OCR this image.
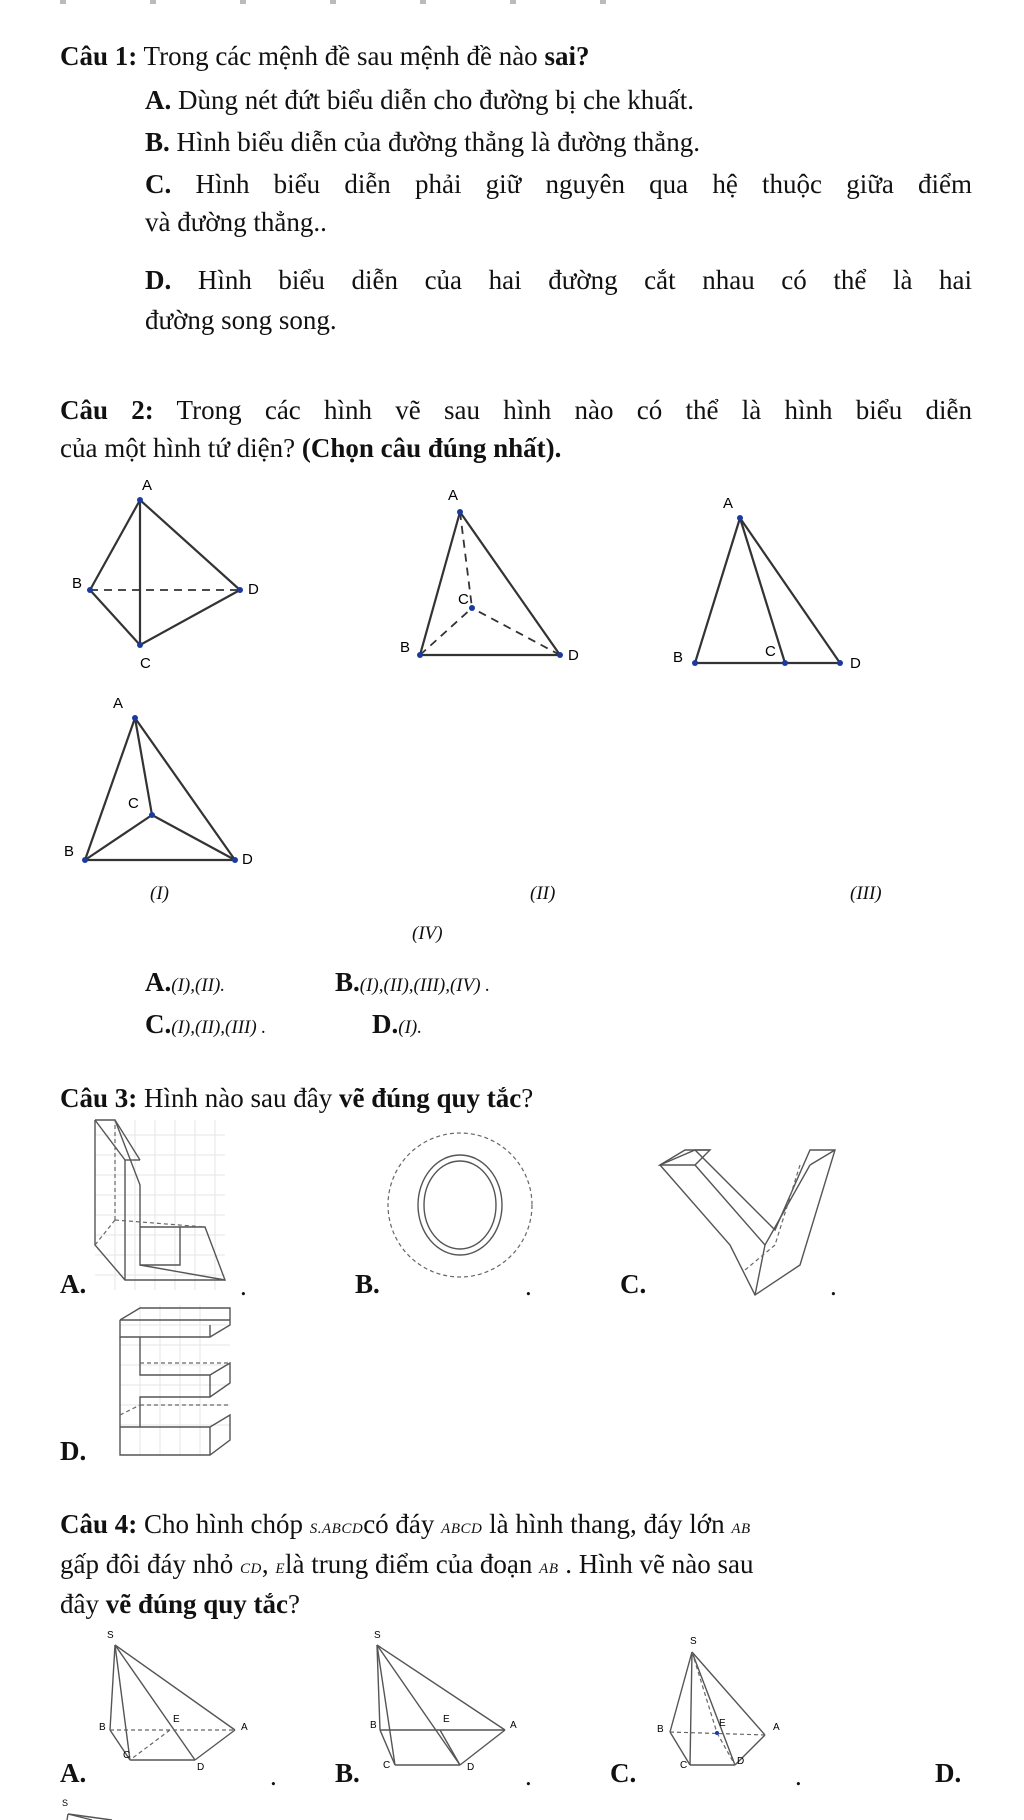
Câu 1: Trong các mệnh đề sau mệnh đề nào sai?
A. Dùng nét đứt biểu diễn cho đường bị che khuất.
B. Hình biểu diễn của đường thẳng là đường thẳng.
C. Hình biểu diễn phải giữ nguyên qua hệ thuộc giữa điểm
và đường thẳng..
D. Hình biểu diễn của hai đường cắt nhau có thể là hai
đường song song.
Câu 2: Trong các hình vẽ sau hình nào có thể là hình biểu diễn
của một hình tứ diện? (Chọn câu đúng nhất).
A
B	D
C
A
C
B	D
A
B	C
D
A
C
B	D
(I)	(II)	(III)
(IV)
A.(I),(II).	B.(I),(II),(III),(IV) .
C.(I),(II),(III) .	D.(I).
Câu 3: Hình nào sau đây vẽ đúng quy tắc?
A.	.	B.	.	C.	.
D.
Câu 4: Cho hình chóp S.ABCDcó đáy ABCD là hình thang, đáy lớn AB
gấp đôi đáy nhỏ CD, Elà trung điểm của đoạn AB . Hình vẽ nào sau
đây vẽ đúng quy tắc?
S
B
E
A
C
D
S
B
E
A
C	D
S
B
E	A
C	D
A.	. B.	.	C.	.	D.
S
